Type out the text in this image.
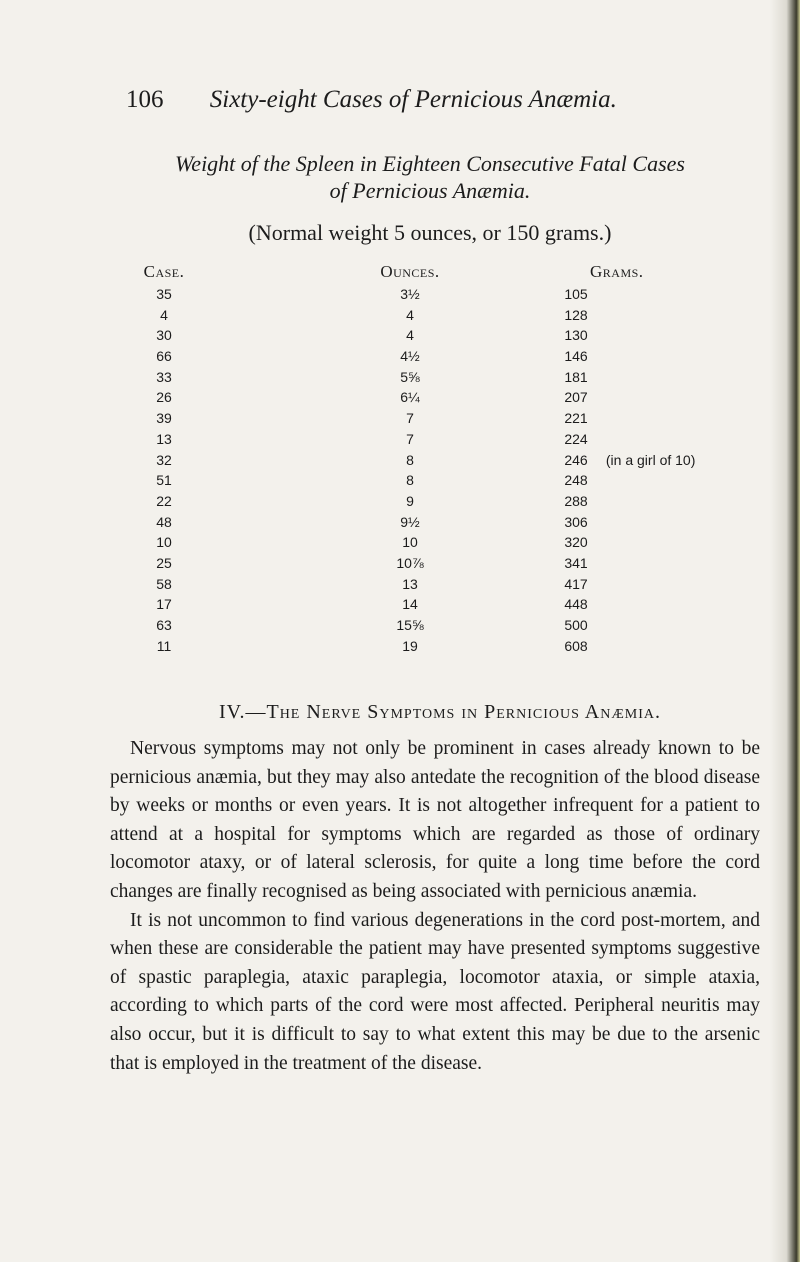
106 Sixty-eight Cases of Pernicious Anæmia.
Weight of the Spleen in Eighteen Consecutive Fatal Cases
of Pernicious Anæmia.
(Normal weight 5 ounces, or 150 grams.)
Case.	Ounces.	Grams.
35	3½	105
4	4	128
30	4	130
66	4½	146
33	5⅝	181
26	6¼	207
39	7	221
13	7	224
32	8	246 (in a girl of 10)
51	8	248
22	9	288
48	9½	306
10	10	320
25	10⅞	341
58	13	417
17	14	448
63	15⅝	500
11	19	608
IV.—The Nerve Symptoms in Pernicious Anæmia.

Nervous symptoms may not only be prominent in cases already known to be pernicious anæmia, but they may also antedate the recognition of the blood disease by weeks or months or even years. It is not altogether infrequent for a patient to attend at a hospital for symptoms which are regarded as those of ordinary locomotor ataxy, or of lateral sclerosis, for quite a long time before the cord changes are finally recognised as being associated with pernicious anæmia.

It is not uncommon to find various degenerations in the cord post-mortem, and when these are considerable the patient may have presented symptoms suggestive of spastic paraplegia, ataxic paraplegia, locomotor ataxia, or simple ataxia, according to which parts of the cord were most affected. Peripheral neuritis may also occur, but it is difficult to say to what extent this may be due to the arsenic that is employed in the treatment of the disease.
